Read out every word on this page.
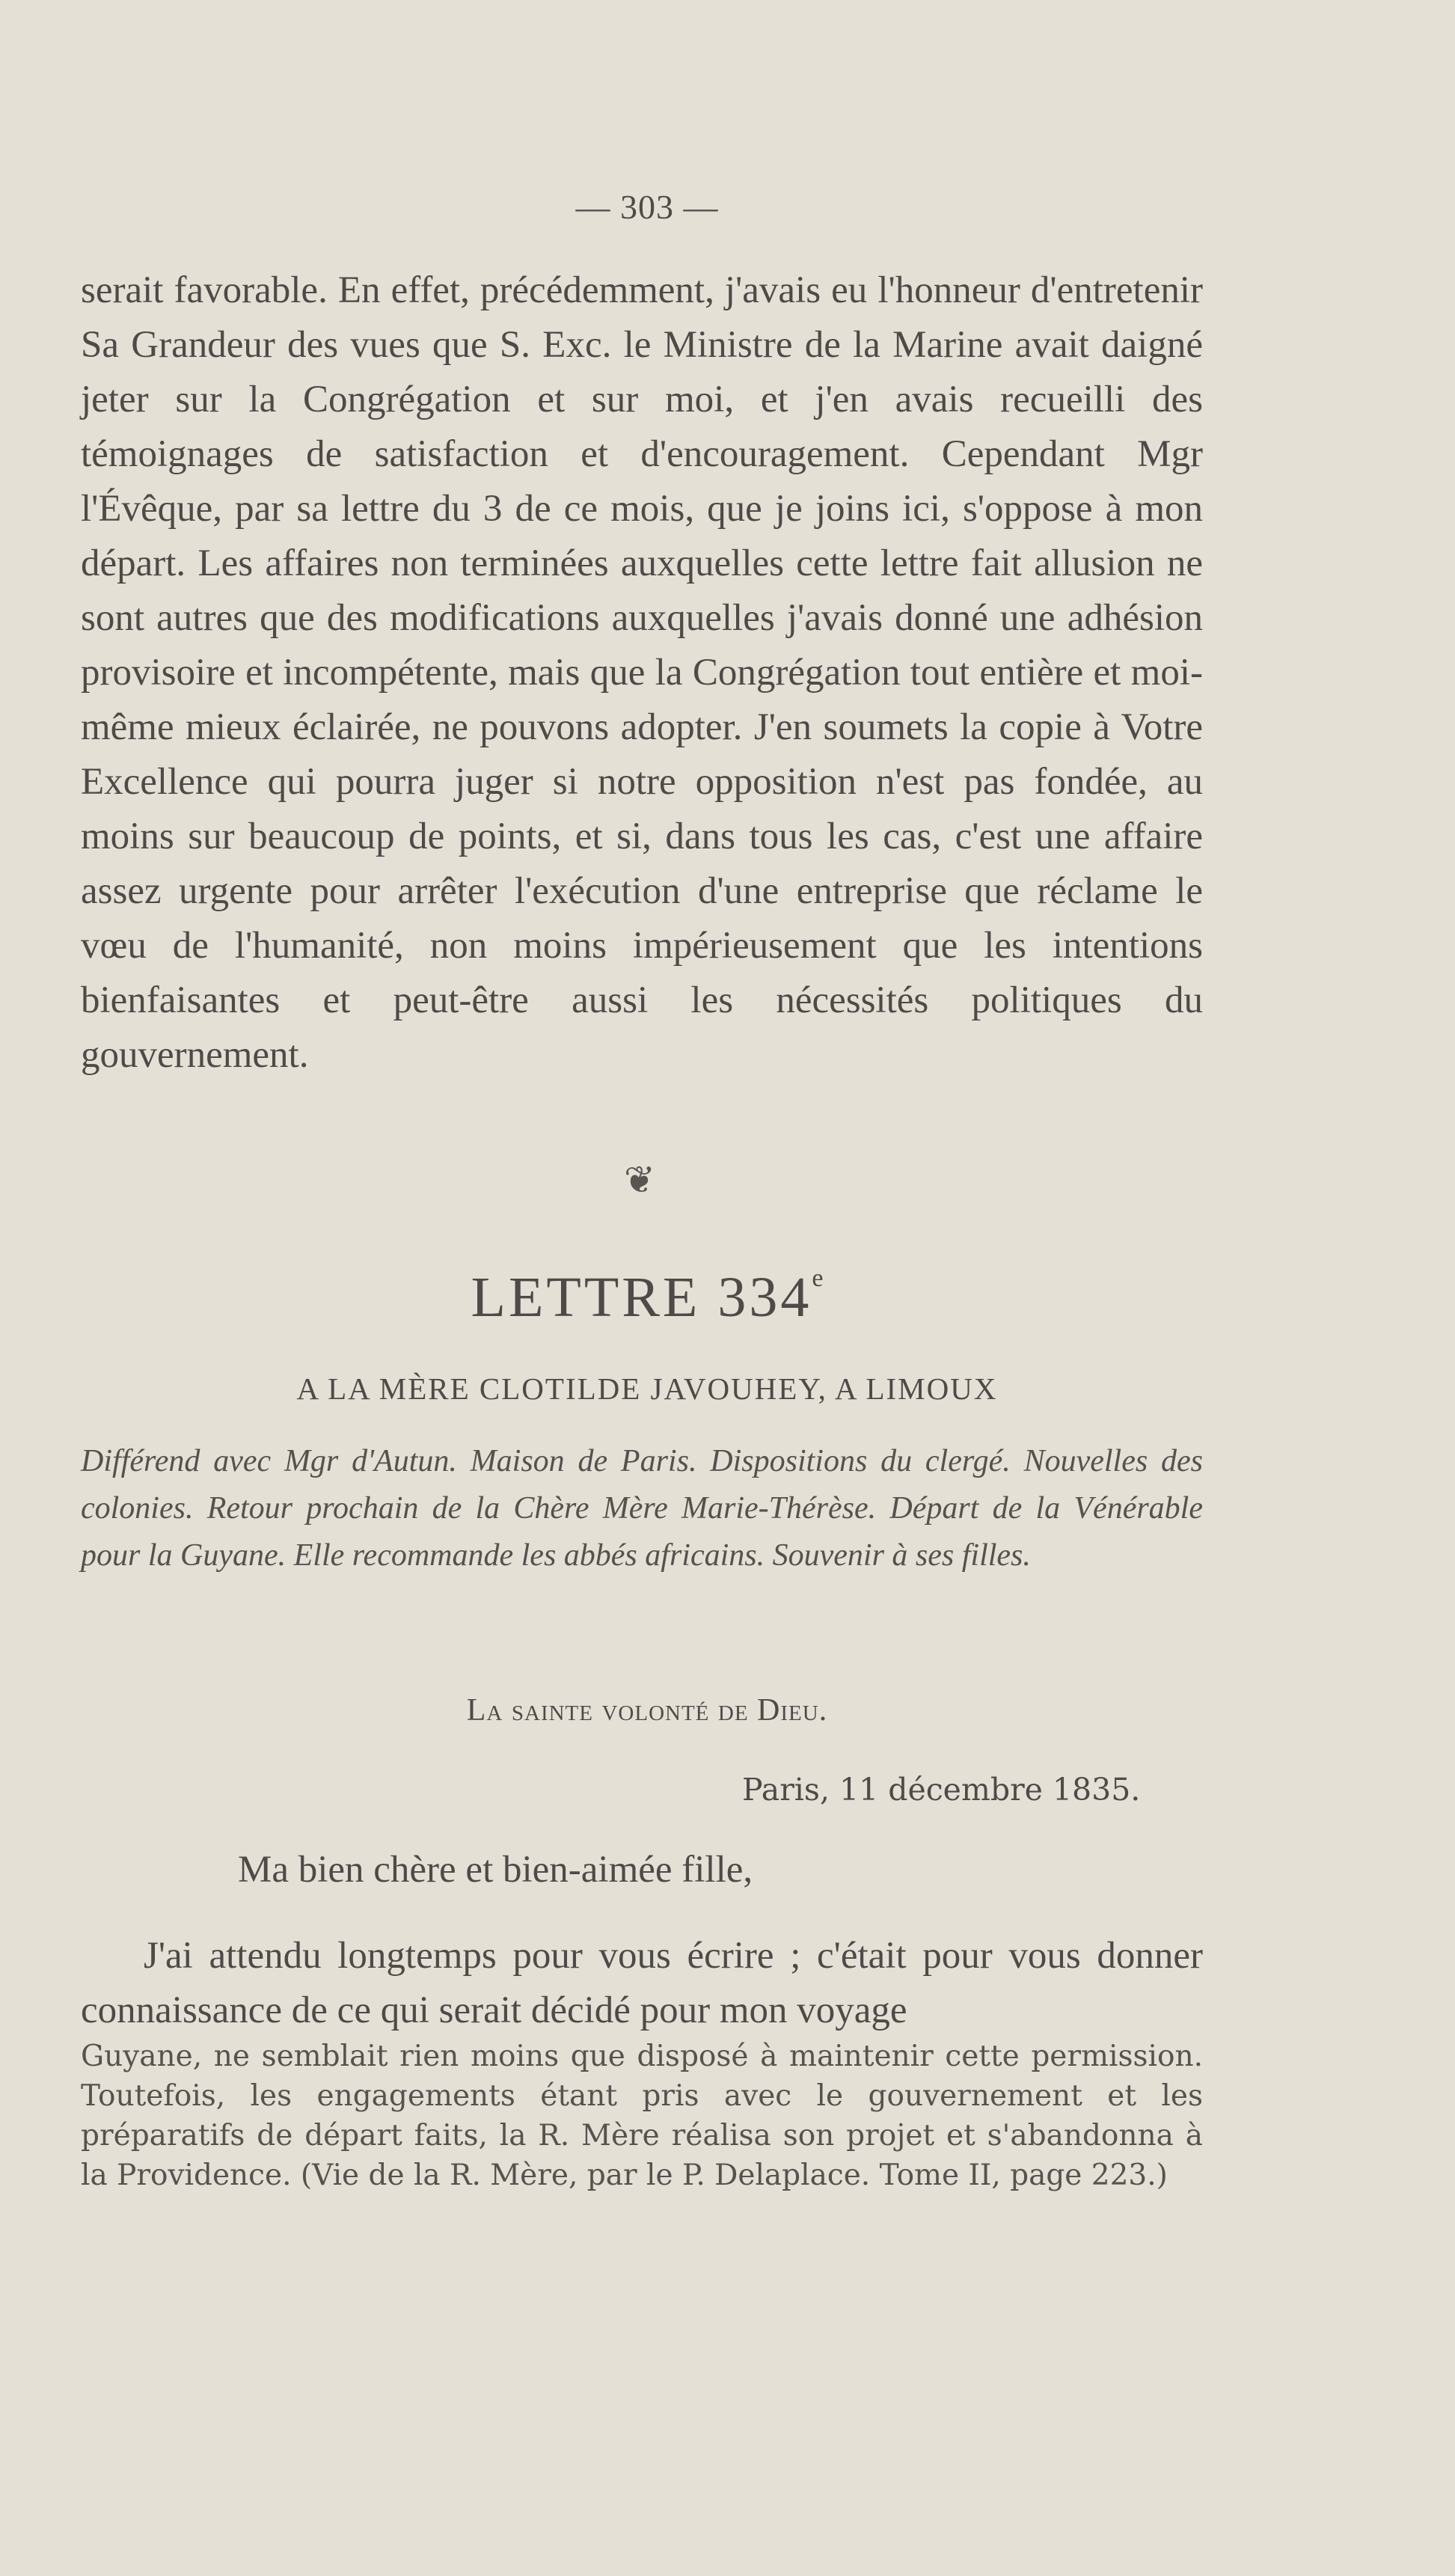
— 303 —

serait favorable. En effet, précédemment, j'avais eu l'honneur d'entretenir Sa Grandeur des vues que S. Exc. le Ministre de la Marine avait daigné jeter sur la Congrégation et sur moi, et j'en avais recueilli des témoignages de satisfaction et d'encouragement. Cependant Mgr l'Évêque, par sa lettre du 3 de ce mois, que je joins ici, s'oppose à mon départ. Les affaires non terminées auxquelles cette lettre fait allusion ne sont autres que des modifications auxquelles j'avais donné une adhésion provisoire et incompétente, mais que la Congrégation tout entière et moi-même mieux éclairée, ne pouvons adopter. J'en soumets la copie à Votre Excellence qui pourra juger si notre opposition n'est pas fondée, au moins sur beaucoup de points, et si, dans tous les cas, c'est une affaire assez urgente pour arrêter l'exécution d'une entreprise que réclame le vœu de l'humanité, non moins impérieusement que les intentions bienfaisantes et peut-être aussi les nécessités politiques du gouvernement.

❦
LETTRE 334e
A LA MÈRE CLOTILDE JAVOUHEY, A LIMOUX

Différend avec Mgr d'Autun. Maison de Paris. Dispositions du clergé. Nouvelles des colonies. Retour prochain de la Chère Mère Marie-Thérèse. Départ de la Vénérable pour la Guyane. Elle recommande les abbés africains. Souvenir à ses filles.

La sainte volonté de Dieu.
Paris, 11 décembre 1835.
Ma bien chère et bien-aimée fille,

J'ai attendu longtemps pour vous écrire ; c'était pour vous donner connaissance de ce qui serait décidé pour mon voyage

Guyane, ne semblait rien moins que disposé à maintenir cette permission. Toutefois, les engagements étant pris avec le gouvernement et les préparatifs de départ faits, la R. Mère réalisa son projet et s'abandonna à la Providence. (Vie de la R. Mère, par le P. Delaplace. Tome II, page 223.)
